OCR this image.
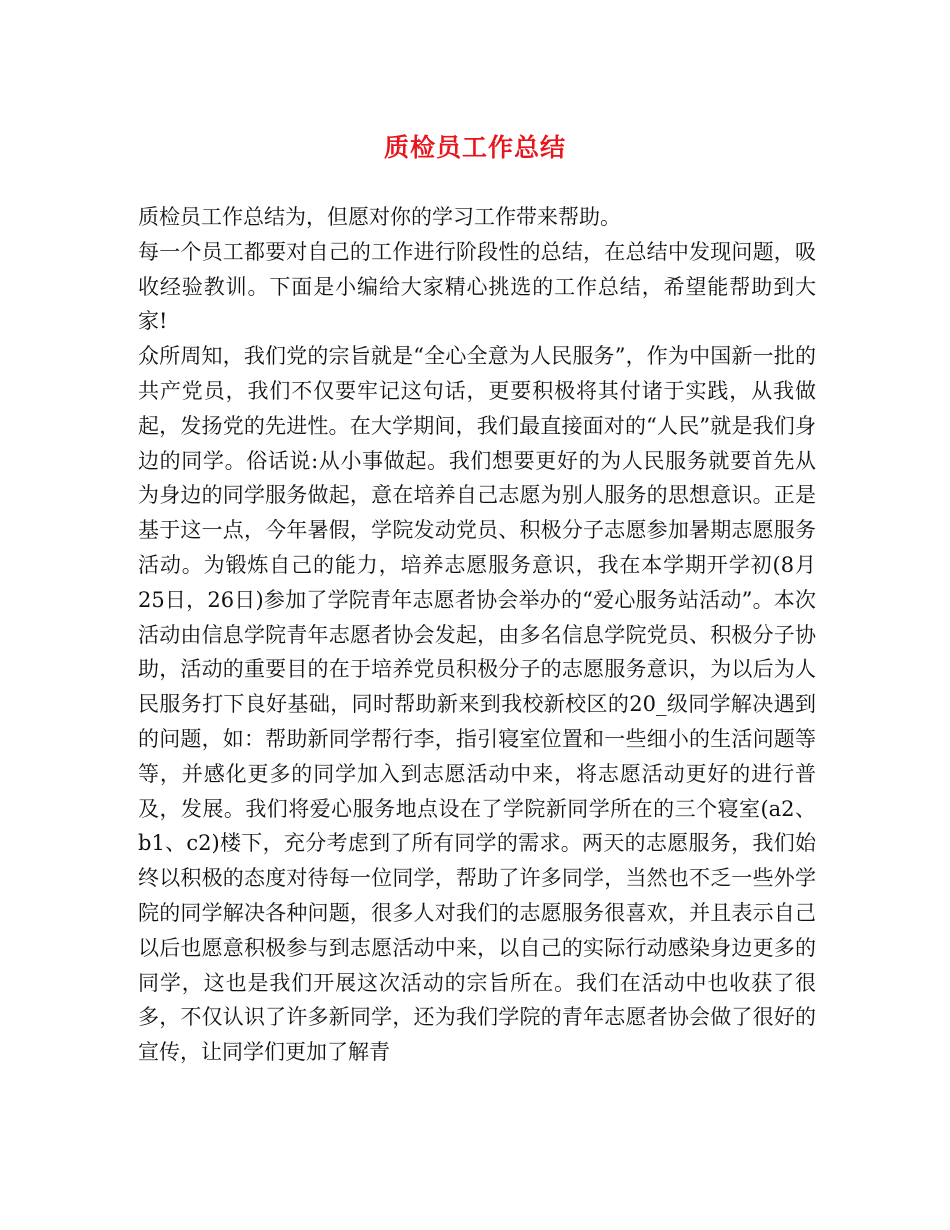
质检员工作总结

质检员工作总结为，但愿对你的学习工作带来帮助。

每一个员工都要对自己的工作进行阶段性的总结，在总结中发现问题，吸收经验教训。下面是小编给大家精心挑选的工作总结，希望能帮助到大家!

众所周知，我们党的宗旨就是“全心全意为人民服务”，作为中国新一批的共产党员，我们不仅要牢记这句话，更要积极将其付诸于实践，从我做起，发扬党的先进性。在大学期间，我们最直接面对的“人民”就是我们身边的同学。俗话说:从小事做起。我们想要更好的为人民服务就要首先从为身边的同学服务做起，意在培养自己志愿为别人服务的思想意识。正是基于这一点，今年暑假，学院发动党员、积极分子志愿参加暑期志愿服务活动。为锻炼自己的能力，培养志愿服务意识，我在本学期开学初(8月25日，26日)参加了学院青年志愿者协会举办的“爱心服务站活动”。本次活动由信息学院青年志愿者协会发起，由多名信息学院党员、积极分子协助，活动的重要目的在于培养党员积极分子的志愿服务意识，为以后为人民服务打下良好基础，同时帮助新来到我校新校区的20_级同学解决遇到的问题，如：帮助新同学帮行李，指引寝室位置和一些细小的生活问题等等，并感化更多的同学加入到志愿活动中来，将志愿活动更好的进行普及，发展。我们将爱心服务地点设在了学院新同学所在的三个寝室(a2、b1、c2)楼下，充分考虑到了所有同学的需求。两天的志愿服务，我们始终以积极的态度对待每一位同学，帮助了许多同学，当然也不乏一些外学院的同学解决各种问题，很多人对我们的志愿服务很喜欢，并且表示自己以后也愿意积极参与到志愿活动中来，以自己的实际行动感染身边更多的同学，这也是我们开展这次活动的宗旨所在。我们在活动中也收获了很多，不仅认识了许多新同学，还为我们学院的青年志愿者协会做了很好的宣传，让同学们更加了解青
